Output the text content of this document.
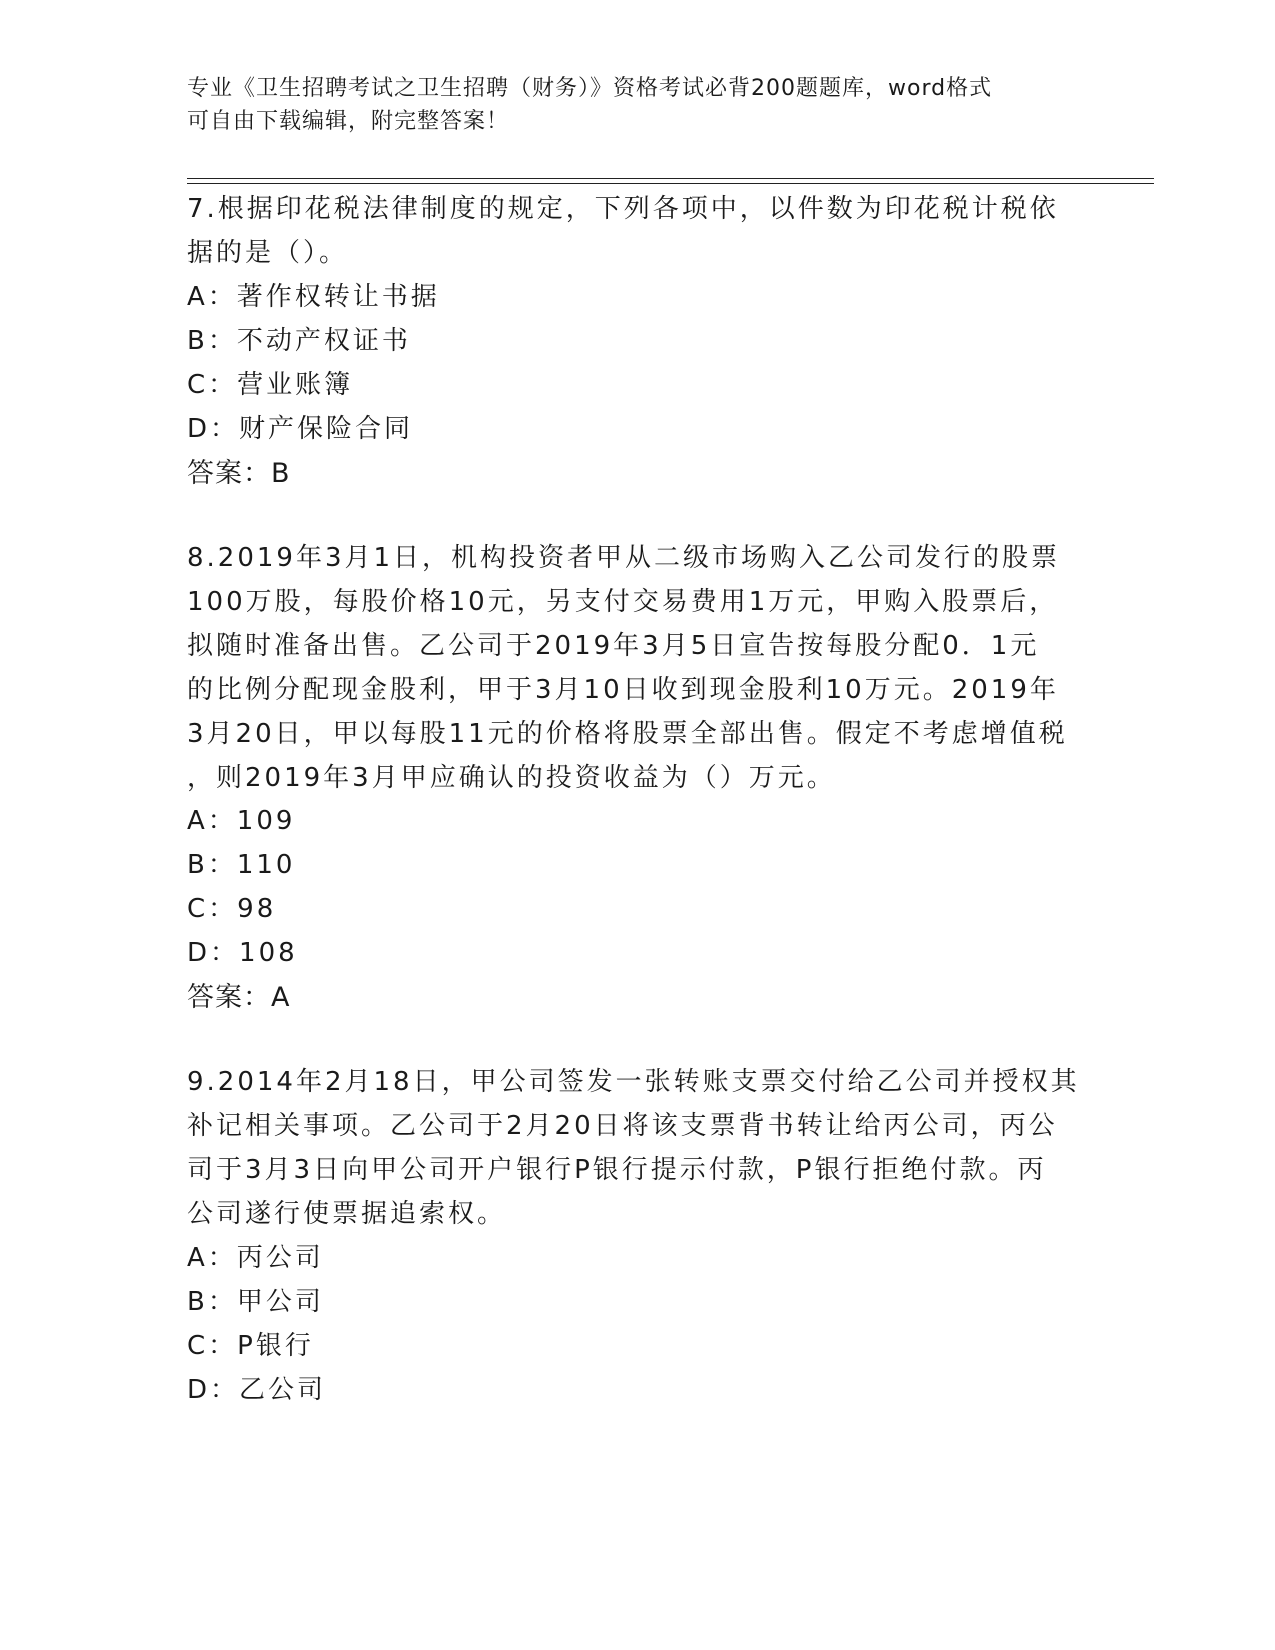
专业《卫生招聘考试之卫生招聘（财务）》资格考试必背200题题库，word格式
可自由下载编辑，附完整答案！
7.根据印花税法律制度的规定，下列各项中，以件数为印花税计税依
据的是（）。
A：著作权转让书据
B：不动产权证书
C：营业账簿
D：财产保险合同
答案：B
8.2019年3月1日，机构投资者甲从二级市场购入乙公司发行的股票
100万股，每股价格10元，另支付交易费用1万元，甲购入股票后，
拟随时准备出售。乙公司于2019年3月5日宣告按每股分配0．1元
的比例分配现金股利，甲于3月10日收到现金股利10万元。2019年
3月20日，甲以每股11元的价格将股票全部出售。假定不考虑增值税
，则2019年3月甲应确认的投资收益为（）万元。
A：109
B：110
C：98
D：108
答案：A
9.2014年2月18日，甲公司签发一张转账支票交付给乙公司并授权其
补记相关事项。乙公司于2月20日将该支票背书转让给丙公司，丙公
司于3月3日向甲公司开户银行P银行提示付款，P银行拒绝付款。丙
公司遂行使票据追索权。
A：丙公司
B：甲公司
C：P银行
D：乙公司
